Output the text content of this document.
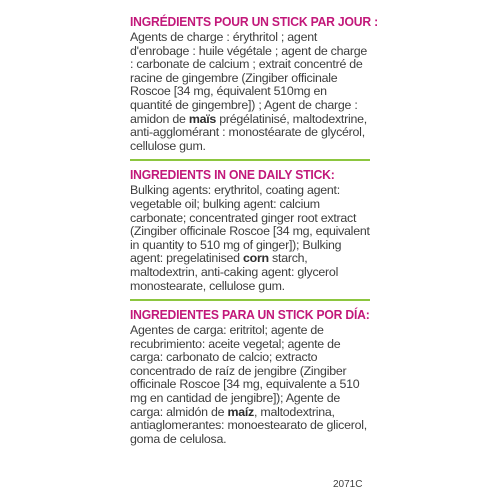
INGRÉDIENTS POUR UN STICK PAR JOUR :
Agents de charge : érythritol ; agent d'enrobage : huile végétale ; agent de charge : carbonate de calcium ; extrait concentré de racine de gingembre (Zingiber officinale Roscoe [34 mg, équivalent 510mg en quantité de gingembre]) ; Agent de charge : amidon de maïs prégélatinisé, maltodextrine, anti-agglomérant : monostéarate de glycérol, cellulose gum.
INGREDIENTS IN ONE DAILY STICK:
Bulking agents: erythritol, coating agent: vegetable oil; bulking agent: calcium carbonate; concentrated ginger root extract (Zingiber officinale Roscoe [34 mg, equivalent in quantity to 510 mg of ginger]); Bulking agent: pregelatinised corn starch, maltodextrin, anti-caking agent: glycerol monostearate, cellulose gum.
INGREDIENTES PARA UN STICK POR DÍA:
Agentes de carga: eritritol; agente de recubrimiento: aceite vegetal; agente de carga: carbonato de calcio; extracto concentrado de raíz de jengibre (Zingiber officinale Roscoe [34 mg, equivalente a 510 mg en cantidad de jengibre]); Agente de carga: almidón de maíz, maltodextrina, antiaglomerantes: monoestearato de glicerol, goma de celulosa.
2071C
